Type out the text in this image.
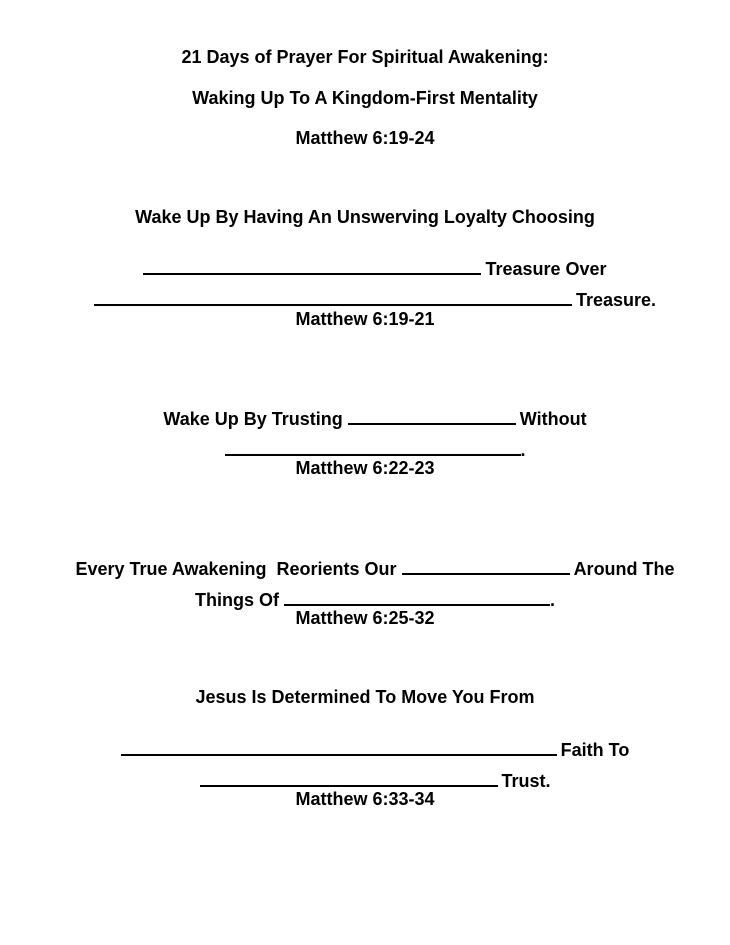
21 Days of Prayer For Spiritual Awakening:
Waking Up To A Kingdom-First Mentality
Matthew 6:19-24
Wake Up By Having An Unswerving Loyalty Choosing

Treasure Over

Treasure.

Matthew 6:19-21

Wake Up By Trusting	Without

.

Matthew 6:22-23

Every True Awakening  Reorients Our	Around The

Things Of	.

Matthew 6:25-32
Jesus Is Determined To Move You From

Faith To

Trust.

Matthew 6:33-34
